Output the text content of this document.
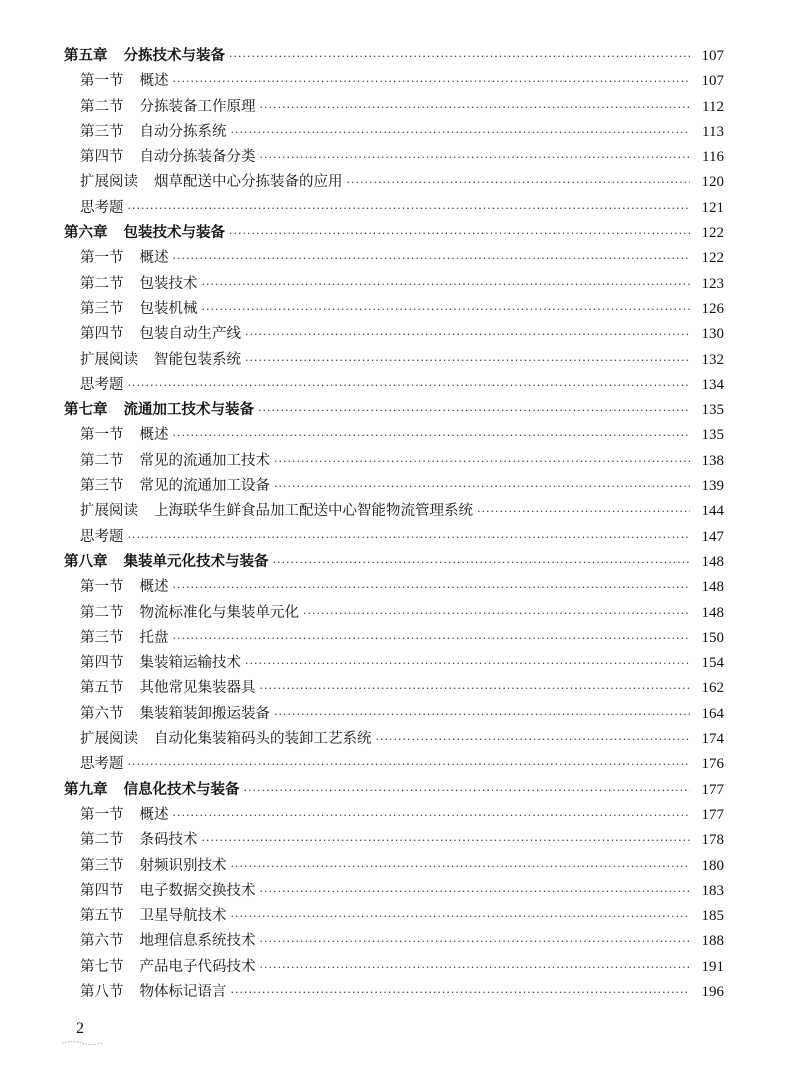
第五章 分拣技术与装备 ·····	107
第一节 概述 ·····	107
第二节 分拣装备工作原理 ·····	112
第三节 自动分拣系统 ·····	113
第四节 自动分拣装备分类 ·····	116
扩展阅读 烟草配送中心分拣装备的应用 ·····	120
思考题 ·····	121
第六章 包装技术与装备 ·····	122
第一节 概述 ·····	122
第二节 包装技术 ·····	123
第三节 包装机械 ·····	126
第四节 包装自动生产线 ·····	130
扩展阅读 智能包装系统 ·····	132
思考题 ·····	134
第七章 流通加工技术与装备 ·····	135
第一节 概述 ·····	135
第二节 常见的流通加工技术 ·····	138
第三节 常见的流通加工设备 ·····	139
扩展阅读 上海联华生鲜食品加工配送中心智能物流管理系统 ·····	144
思考题 ·····	147
第八章 集装单元化技术与装备 ·····	148
第一节 概述 ·····	148
第二节 物流标准化与集装单元化 ·····	148
第三节 托盘 ·····	150
第四节 集装箱运输技术 ·····	154
第五节 其他常见集装器具 ·····	162
第六节 集装箱装卸搬运装备 ·····	164
扩展阅读 自动化集装箱码头的装卸工艺系统 ·····	174
思考题 ·····	176
第九章 信息化技术与装备 ·····	177
第一节 概述 ·····	177
第二节 条码技术 ·····	178
第三节 射频识别技术 ·····	180
第四节 电子数据交换技术 ·····	183
第五节 卫星导航技术 ·····	185
第六节 地理信息系统技术 ·····	188
第七节 产品电子代码技术 ·····	191
第八节 物体标记语言 ·····	196
2
